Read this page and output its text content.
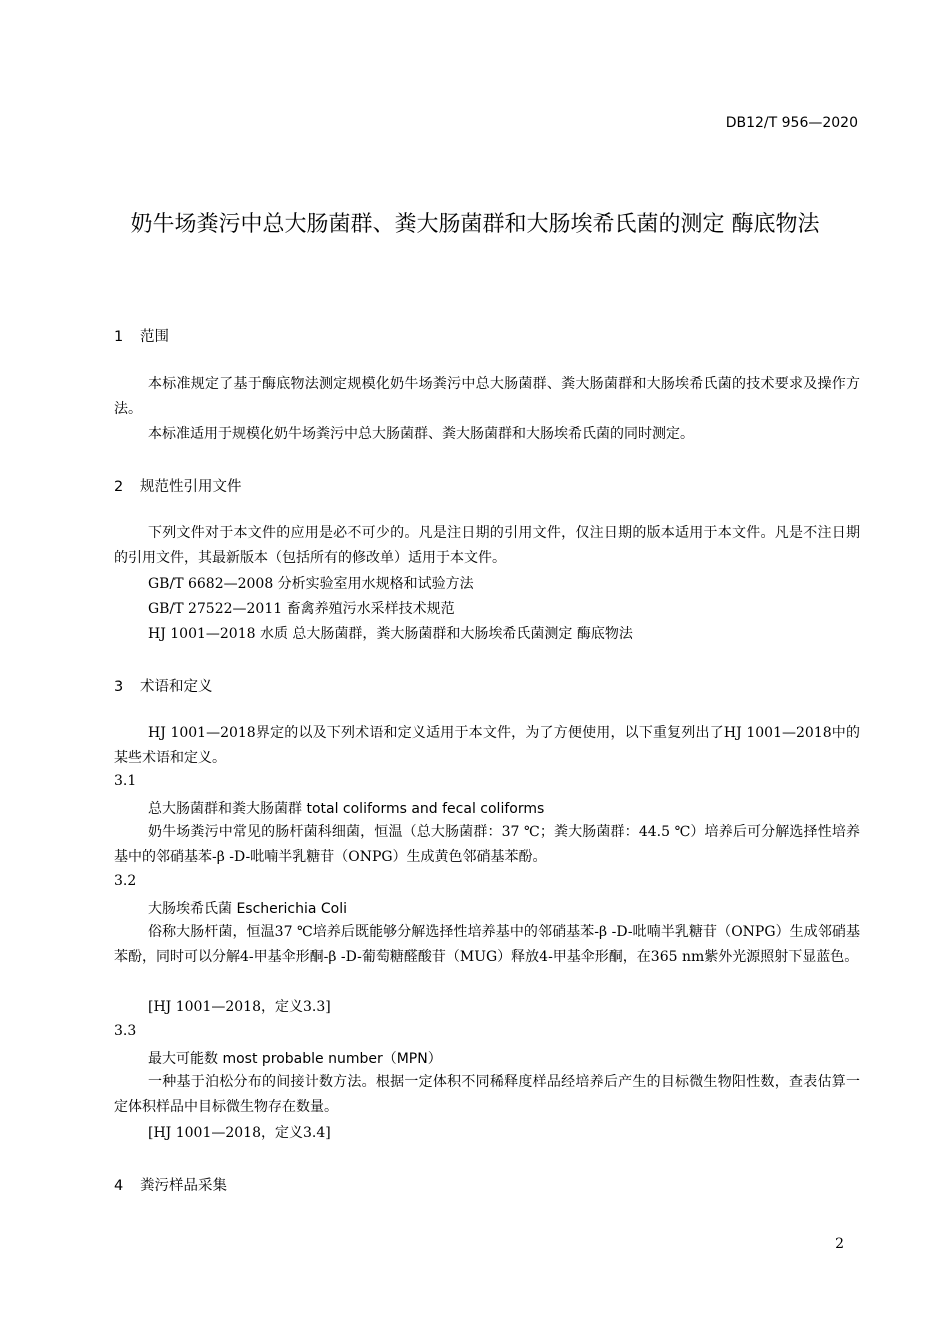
DB12/T 956—2020
奶牛场粪污中总大肠菌群、粪大肠菌群和大肠埃希氏菌的测定 酶底物法
1 范围
本标准规定了基于酶底物法测定规模化奶牛场粪污中总大肠菌群、粪大肠菌群和大肠埃希氏菌的技术要求及操作方法。
本标准适用于规模化奶牛场粪污中总大肠菌群、粪大肠菌群和大肠埃希氏菌的同时测定。
2 规范性引用文件
下列文件对于本文件的应用是必不可少的。凡是注日期的引用文件，仅注日期的版本适用于本文件。凡是不注日期的引用文件，其最新版本（包括所有的修改单）适用于本文件。
GB/T 6682—2008 分析实验室用水规格和试验方法
GB/T 27522—2011 畜禽养殖污水采样技术规范
HJ 1001—2018 水质 总大肠菌群，粪大肠菌群和大肠埃希氏菌测定 酶底物法
3 术语和定义
HJ 1001—2018界定的以及下列术语和定义适用于本文件，为了方便使用，以下重复列出了HJ 1001—2018中的某些术语和定义。
3.1
总大肠菌群和粪大肠菌群 total coliforms and fecal coliforms
奶牛场粪污中常见的肠杆菌科细菌，恒温（总大肠菌群：37 ℃；粪大肠菌群：44.5 ℃）培养后可分解选择性培养基中的邻硝基苯-β -D-吡喃半乳糖苷（ONPG）生成黄色邻硝基苯酚。
3.2
大肠埃希氏菌 Escherichia Coli
俗称大肠杆菌，恒温37 ℃培养后既能够分解选择性培养基中的邻硝基苯-β -D-吡喃半乳糖苷（ONPG）生成邻硝基苯酚，同时可以分解4-甲基伞形酮-β -D-葡萄糖醛酸苷（MUG）释放4-甲基伞形酮，在365 nm紫外光源照射下显蓝色。
[HJ 1001—2018，定义3.3]
3.3
最大可能数 most probable number（MPN）
一种基于泊松分布的间接计数方法。根据一定体积不同稀释度样品经培养后产生的目标微生物阳性数，查表估算一定体积样品中目标微生物存在数量。
[HJ 1001—2018，定义3.4]
4 粪污样品采集
2
